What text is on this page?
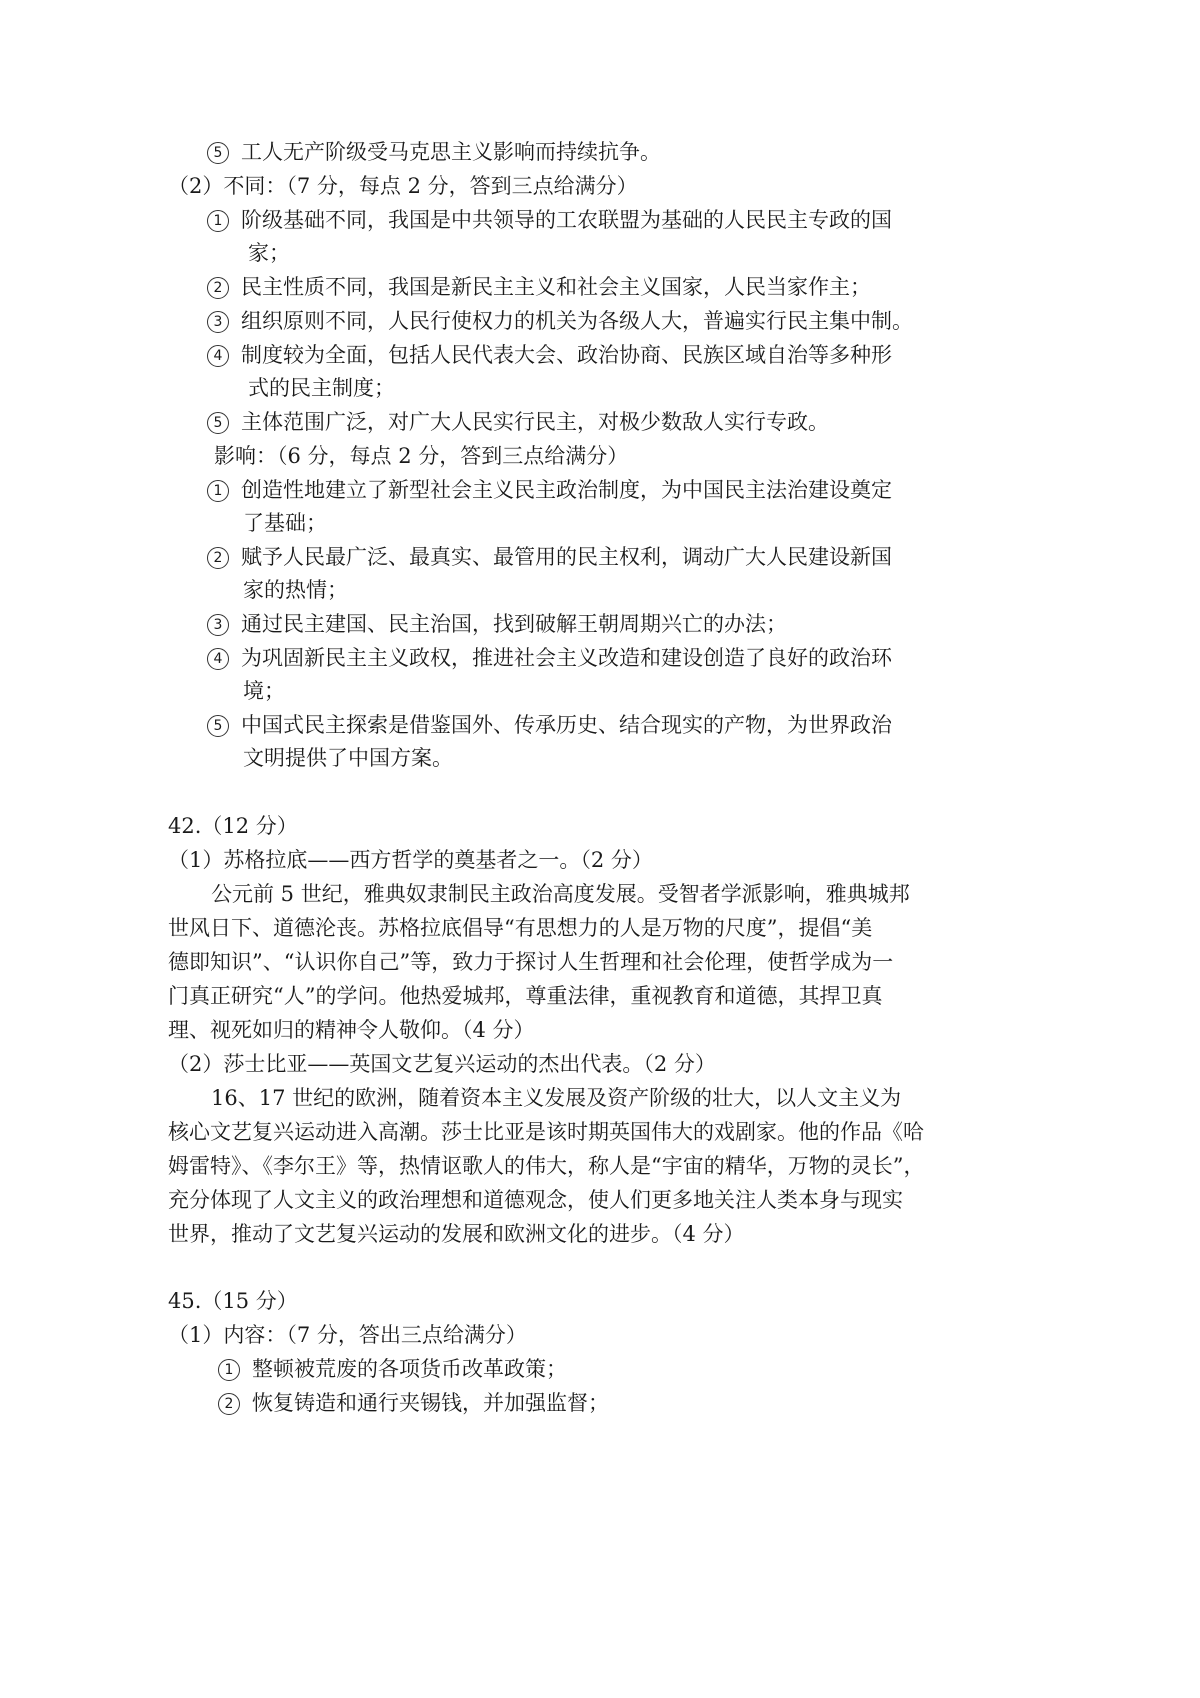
5 工人无产阶级受马克思主义影响而持续抗争。
（2）不同：（7 分，每点 2 分，答到三点给满分）
1 阶级基础不同，我国是中共领导的工农联盟为基础的人民民主专政的国
家；
2 民主性质不同，我国是新民主主义和社会主义国家，人民当家作主；
3 组织原则不同，人民行使权力的机关为各级人大，普遍实行民主集中制。
4 制度较为全面，包括人民代表大会、政治协商、民族区域自治等多种形
式的民主制度；
5 主体范围广泛，对广大人民实行民主，对极少数敌人实行专政。
影响：（6 分，每点 2 分，答到三点给满分）
1 创造性地建立了新型社会主义民主政治制度，为中国民主法治建设奠定
了基础；
2 赋予人民最广泛、最真实、最管用的民主权利，调动广大人民建设新国
家的热情；
3 通过民主建国、民主治国，找到破解王朝周期兴亡的办法；
4 为巩固新民主主义政权，推进社会主义改造和建设创造了良好的政治环
境；
5 中国式民主探索是借鉴国外、传承历史、结合现实的产物，为世界政治
文明提供了中国方案。
42.（12 分）
（1）苏格拉底——西方哲学的奠基者之一。（2 分）
公元前 5 世纪，雅典奴隶制民主政治高度发展。受智者学派影响，雅典城邦
世风日下、道德沦丧。苏格拉底倡导“有思想力的人是万物的尺度”，提倡“美
德即知识”、“认识你自己”等，致力于探讨人生哲理和社会伦理，使哲学成为一
门真正研究“人”的学问。他热爱城邦，尊重法律，重视教育和道德，其捍卫真
理、视死如归的精神令人敬仰。（4 分）
（2）莎士比亚——英国文艺复兴运动的杰出代表。（2 分）
16、17 世纪的欧洲，随着资本主义发展及资产阶级的壮大，以人文主义为
核心文艺复兴运动进入高潮。莎士比亚是该时期英国伟大的戏剧家。他的作品《哈
姆雷特》、《李尔王》等，热情讴歌人的伟大，称人是“宇宙的精华，万物的灵长”，
充分体现了人文主义的政治理想和道德观念，使人们更多地关注人类本身与现实
世界，推动了文艺复兴运动的发展和欧洲文化的进步。（4 分）
45.（15 分）
（1）内容：（7 分，答出三点给满分）
1 整顿被荒废的各项货币改革政策；
2 恢复铸造和通行夹锡钱，并加强监督；
